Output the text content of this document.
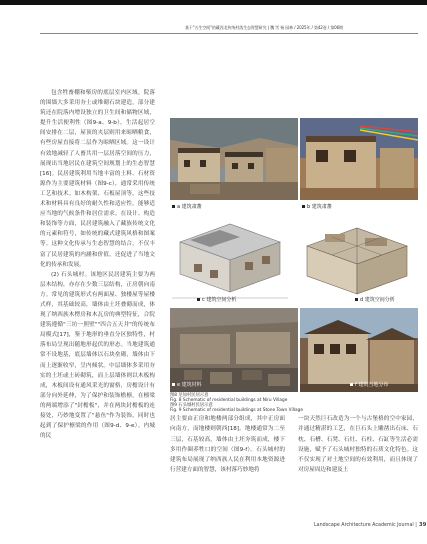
基于"五生空间"的藏西北传统村落生态智慧研究 | 魏 雪 杨 园林 / 2025年 / 第42卷 / 第06期

包含牲畜棚和柴房的底层室内区域。院落的围墙大多采用夯土或堆砌石块建造，部分建筑还在院落内增设独立的卫生间和储物区域，提升生活便利性（图9-a、9-b）。生活起居空间安排在二层，屋顶的夹层则用来晾晒粮食，有些房屋直接将二层作为晾晒区域。这一设计有效地减轻了人畜共用一层居落空间的压力，展现出当地居民在建筑空间规划上的生态智慧[16]。民居建筑利用当地丰富的土料、石材资源作为主要建筑材料（图9-c），通常采用传统工艺和技术。如木构架、石板屋顶等，这些技术和材料具有良好的耐久性和适应性，能够适应当地的气候条件和居住需求。在设计、构造和装饰等方面，民居建筑融入了藏族传统文化的元素和符号，如传统的藏式建筑风格和图案等。这种文化传承与生态智慧的结合，不仅丰富了民居建筑的内涵和价值，还促进了当地文化的传承和发展。

(2) 石头城村。该地区民居建筑主要为两层木结构，亦存在少数三层结构，正房朝向南方。常见的建筑形式有两面屋、独楼屋等屋楼式样，其基础较高，墙体由土坯叠砌而成，体现了纳西族木楞房和木瓦房的典型特征，合院建筑遵循"三坊一照壁""四合五天井"的传统布局模式[17]，鉴于地形的垂直分区独特性，村落布局呈现出随地形起伏的形态。当地建筑通常不设地基，底层墙体以石块垒砌，墙体由下而上逐渐收窄，呈内倾状。中层墙体多采用夯实的土坯或土砖砌筑，而上层墙体则以木板构成，木板间设有通风采光的窗格，房檐设计有部分向外延伸，为了保护和装饰檐檩，在檩梁的两端增添了"封檐板"，并在两块封檐板的连接处，巧妙地变置了"悬鱼"作为装饰，同时也起到了保护檩梁的作用（图9-d、9-e）。内城的民

a 建筑肃蕃	b 建筑肃蕃
c 建筑空间分析	d 建筑空间分析
e 建筑材料	f 建筑当地分布
图8 尼如村民居示意
Fig. 8 Schematic of residential buildings at Niru Village
图9 石头城村民居示意
Fig. 9 Schematic of residential buildings at Stone Town Village

居主要由正房和地楼两部分组成，其中正房面向南方，而地楼则朝西[18]。地楼通常为二至三层，石基较高，墙体由土坯夯筑而成，楼下多用作圈养牲口的空间（图9-f）。石头城村的建筑布局展现了纳西族人民在利用本地资源进行营建方面的智慧，该村落巧妙地将

一块天然巨石改造为一个与古堡格的空中家园，并通过精湛的工艺，在巨石头上雕凿出石床、石枕、石槽、石凳、石灶、石柱、石缸等生活必需设施，赋予了石头城村独特的石质文化特色。这不仅实现了对土地空间的有效利用，而且体现了对房屋周边和建及土

Landscape Architecture Academic Journal | 39
